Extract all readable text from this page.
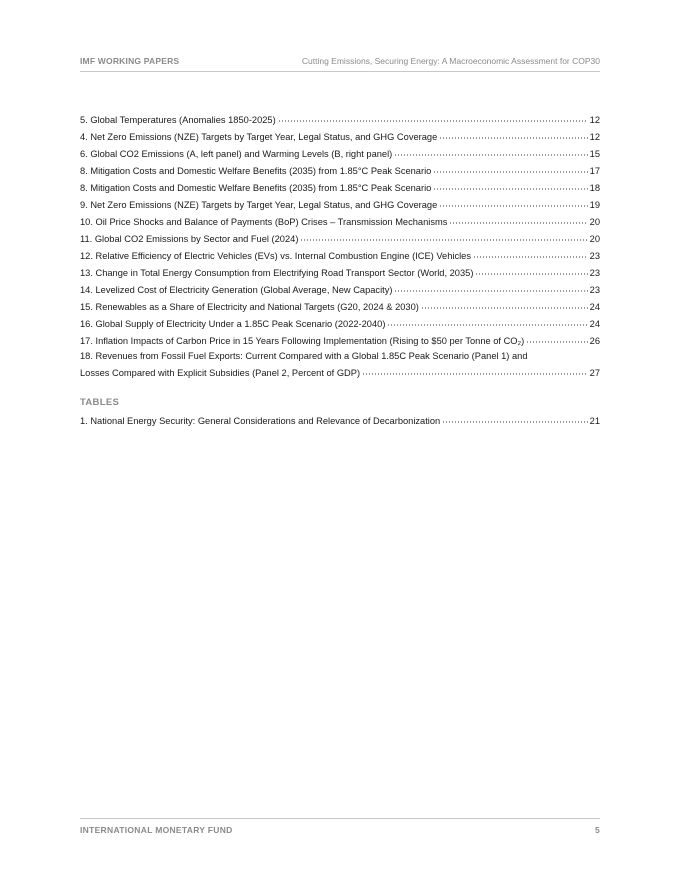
IMF WORKING PAPERS	Cutting Emissions, Securing Energy: A Macroeconomic Assessment for COP30
5. Global Temperatures (Anomalies 1850-2025)	12
4. Net Zero Emissions (NZE) Targets by Target Year, Legal Status, and GHG Coverage	12
6. Global CO2 Emissions (A, left panel) and Warming Levels (B, right panel)	15
8. Mitigation Costs and Domestic Welfare Benefits (2035) from 1.85°C Peak Scenario	17
8. Mitigation Costs and Domestic Welfare Benefits (2035) from 1.85°C Peak Scenario	18
9. Net Zero Emissions (NZE) Targets by Target Year, Legal Status, and GHG Coverage	19
10. Oil Price Shocks and Balance of Payments (BoP) Crises – Transmission Mechanisms	20
11. Global CO2 Emissions by Sector and Fuel (2024)	20
12. Relative Efficiency of Electric Vehicles (EVs) vs. Internal Combustion Engine (ICE) Vehicles	23
13. Change in Total Energy Consumption from Electrifying Road Transport Sector (World, 2035)	23
14. Levelized Cost of Electricity Generation (Global Average, New Capacity)	23
15. Renewables as a Share of Electricity and National Targets (G20, 2024 & 2030)	24
16. Global Supply of Electricity Under a 1.85C Peak Scenario (2022-2040)	24
17. Inflation Impacts of Carbon Price in 15 Years Following Implementation (Rising to $50 per Tonne of CO₂)	26
18. Revenues from Fossil Fuel Exports: Current Compared with a Global 1.85C Peak Scenario (Panel 1) and
Losses Compared with Explicit Subsidies (Panel 2, Percent of GDP)	27
TABLES
1. National Energy Security: General Considerations and Relevance of Decarbonization	21
INTERNATIONAL MONETARY FUND	5
